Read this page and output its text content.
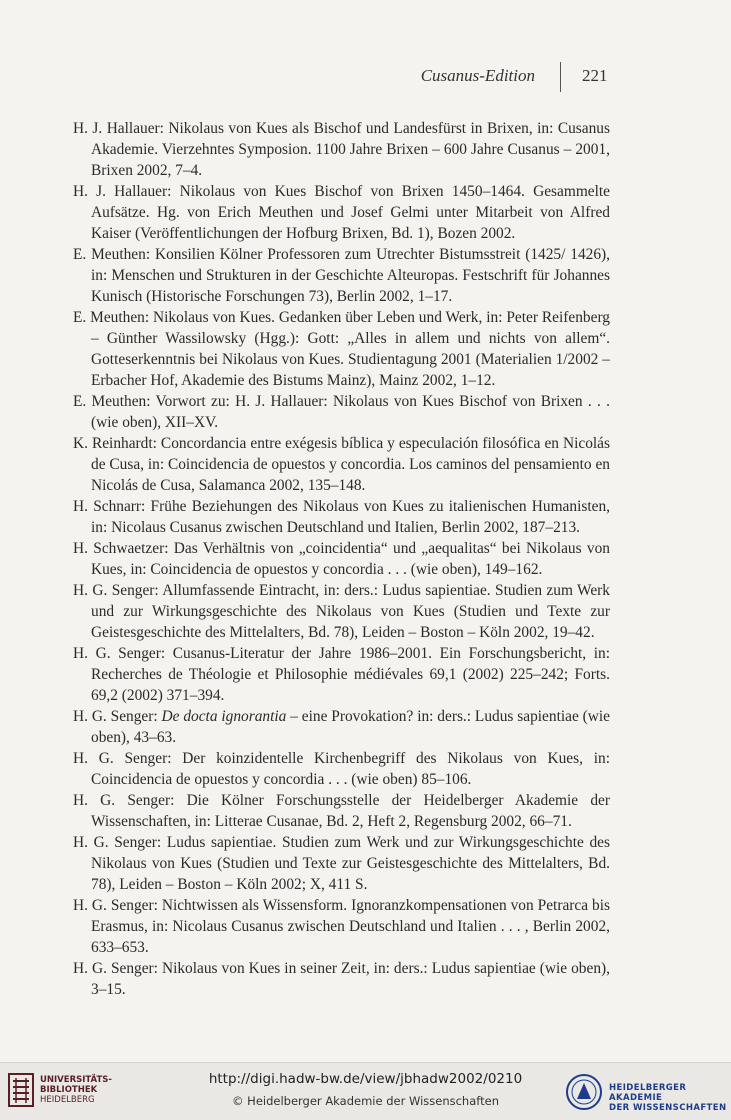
Cusanus-Edition	221

H. J. Hallauer: Nikolaus von Kues als Bischof und Landesfürst in Brixen, in: Cusanus Akademie. Vierzehntes Symposion. 1100 Jahre Brixen – 600 Jahre Cusanus – 2001, Brixen 2002, 7–4.

H. J. Hallauer: Nikolaus von Kues Bischof von Brixen 1450–1464. Gesammelte Aufsätze. Hg. von Erich Meuthen und Josef Gelmi unter Mitarbeit von Alfred Kaiser (Veröffentlichungen der Hofburg Brixen, Bd. 1), Bozen 2002.

E. Meuthen: Konsilien Kölner Professoren zum Utrechter Bistumsstreit (1425/ 1426), in: Menschen und Strukturen in der Geschichte Alteuropas. Festschrift für Johannes Kunisch (Historische Forschungen 73), Berlin 2002, 1–17.

E. Meuthen: Nikolaus von Kues. Gedanken über Leben und Werk, in: Peter Reifenberg – Günther Wassilowsky (Hgg.): Gott: „Alles in allem und nichts von allem“. Gotteserkenntnis bei Nikolaus von Kues. Studientagung 2001 (Materialien 1/2002 – Erbacher Hof, Akademie des Bistums Mainz), Mainz 2002, 1–12.

E. Meuthen: Vorwort zu: H. J. Hallauer: Nikolaus von Kues Bischof von Brixen . . . (wie oben), XII–XV.

K. Reinhardt: Concordancia entre exégesis bíblica y especulación filosófica en Nicolás de Cusa, in: Coincidencia de opuestos y concordia. Los caminos del pensamiento en Nicolás de Cusa, Salamanca 2002, 135–148.

H. Schnarr: Frühe Beziehungen des Nikolaus von Kues zu italienischen Humanisten, in: Nicolaus Cusanus zwischen Deutschland und Italien, Berlin 2002, 187–213.

H. Schwaetzer: Das Verhältnis von „coincidentia“ und „aequalitas“ bei Nikolaus von Kues, in: Coincidencia de opuestos y concordia . . . (wie oben), 149–162.

H. G. Senger: Allumfassende Eintracht, in: ders.: Ludus sapientiae. Studien zum Werk und zur Wirkungsgeschichte des Nikolaus von Kues (Studien und Texte zur Geistesgeschichte des Mittelalters, Bd. 78), Leiden – Boston – Köln 2002, 19–42.

H. G. Senger: Cusanus-Literatur der Jahre 1986–2001. Ein Forschungsbericht, in: Recherches de Théologie et Philosophie médiévales 69,1 (2002) 225–242; Forts. 69,2 (2002) 371–394.

H. G. Senger: De docta ignorantia – eine Provokation? in: ders.: Ludus sapientiae (wie oben), 43–63.

H. G. Senger: Der koinzidentelle Kirchenbegriff des Nikolaus von Kues, in: Coincidencia de opuestos y concordia . . . (wie oben) 85–106.

H. G. Senger: Die Kölner Forschungsstelle der Heidelberger Akademie der Wissenschaften, in: Litterae Cusanae, Bd. 2, Heft 2, Regensburg 2002, 66–71.

H. G. Senger: Ludus sapientiae. Studien zum Werk und zur Wirkungsgeschichte des Nikolaus von Kues (Studien und Texte zur Geistesgeschichte des Mittelalters, Bd. 78), Leiden – Boston – Köln 2002; X, 411 S.

H. G. Senger: Nichtwissen als Wissensform. Ignoranzkompensationen von Petrarca bis Erasmus, in: Nicolaus Cusanus zwischen Deutschland und Italien . . . , Berlin 2002, 633–653.

H. G. Senger: Nikolaus von Kues in seiner Zeit, in: ders.: Ludus sapientiae (wie oben), 3–15.

UNIVERSITÄTS-
BIBLIOTHEK
HEIDELBERG
http://digi.hadw-bw.de/view/jbhadw2002/0210
© Heidelberger Akademie der Wissenschaften
HEIDELBERGER AKADEMIE
DER WISSENSCHAFTEN
